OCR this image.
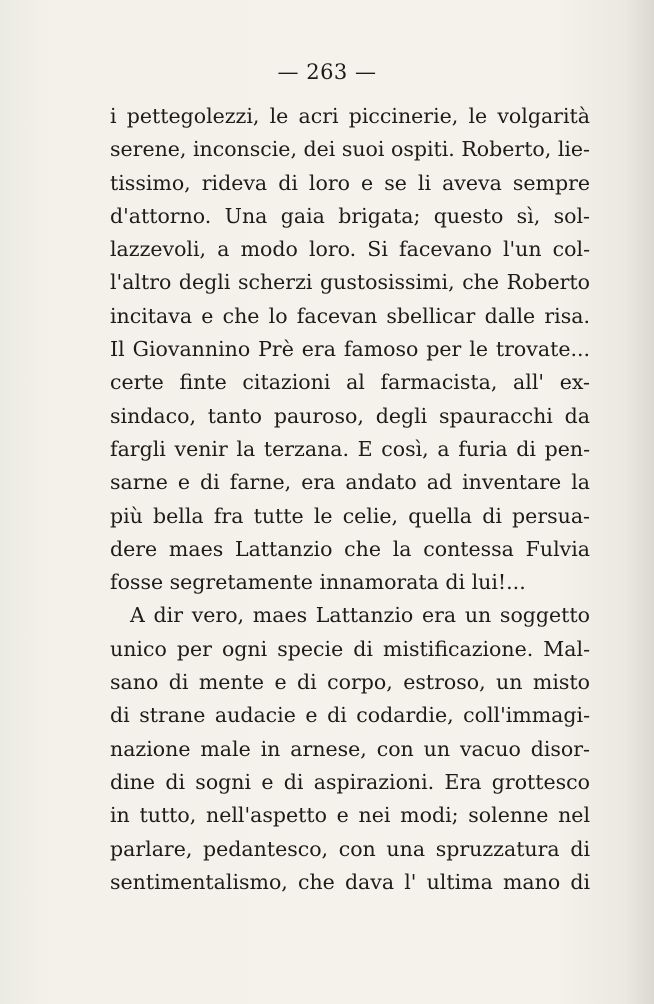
— 263 —
i pettegolezzi, le acri piccinerie, le volgarità
serene, inconscie, dei suoi ospiti. Roberto, lie-
tissimo, rideva di loro e se li aveva sempre
d'attorno. Una gaia brigata; questo sì, sol-
lazzevoli, a modo loro. Si facevano l'un col-
l'altro degli scherzi gustosissimi, che Roberto
incitava e che lo facevan sbellicar dalle risa.
Il Giovannino Prè era famoso per le trovate...
certe finte citazioni al farmacista, all' ex-
sindaco, tanto pauroso, degli spauracchi da
fargli venir la terzana. E così, a furia di pen-
sarne e di farne, era andato ad inventare la
più bella fra tutte le celie, quella di persua-
dere maes Lattanzio che la contessa Fulvia
fosse segretamente innamorata di lui!...
A dir vero, maes Lattanzio era un soggetto
unico per ogni specie di mistificazione. Mal-
sano di mente e di corpo, estroso, un misto
di strane audacie e di codardie, coll'immagi-
nazione male in arnese, con un vacuo disor-
dine di sogni e di aspirazioni. Era grottesco
in tutto, nell'aspetto e nei modi; solenne nel
parlare, pedantesco, con una spruzzatura di
sentimentalismo, che dava l' ultima mano di
